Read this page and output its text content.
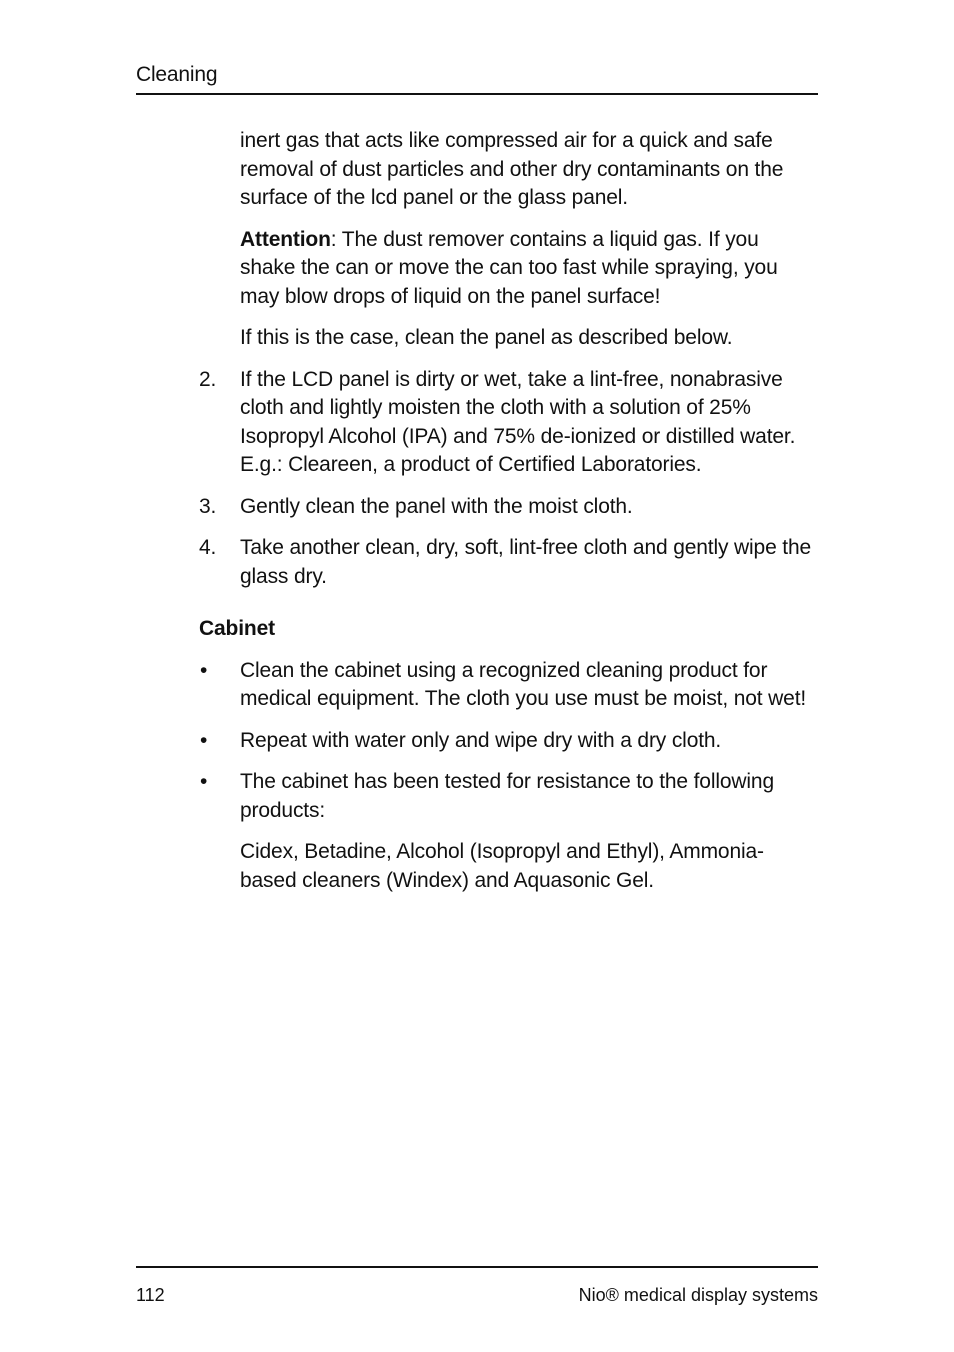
Cleaning
inert gas that acts like compressed air for a quick and safe removal of dust particles and other dry contaminants on the surface of the lcd panel or the glass panel.
Attention: The dust remover contains a liquid gas. If you shake the can or move the can too fast while spraying, you may blow drops of liquid on the panel surface!
If this is the case, clean the panel as described below.
2.	If the LCD panel is dirty or wet, take a lint-free, nonabrasive cloth and lightly moisten the cloth with a solution of 25% Isopropyl Alcohol (IPA) and 75% de-ionized or distilled water. E.g.: Cleareen, a product of Certified Laboratories.
3.	Gently clean the panel with the moist cloth.
4.	Take another clean, dry, soft, lint-free cloth and gently wipe the glass dry.
Cabinet
•	Clean the cabinet using a recognized cleaning product for medical equipment. The cloth you use must be moist, not wet!
•	Repeat with water only and wipe dry with a dry cloth.
•	The cabinet has been tested for resistance to the following products:
Cidex, Betadine, Alcohol (Isopropyl and Ethyl), Ammonia-based cleaners (Windex) and Aquasonic Gel.
112	Nio® medical display systems
